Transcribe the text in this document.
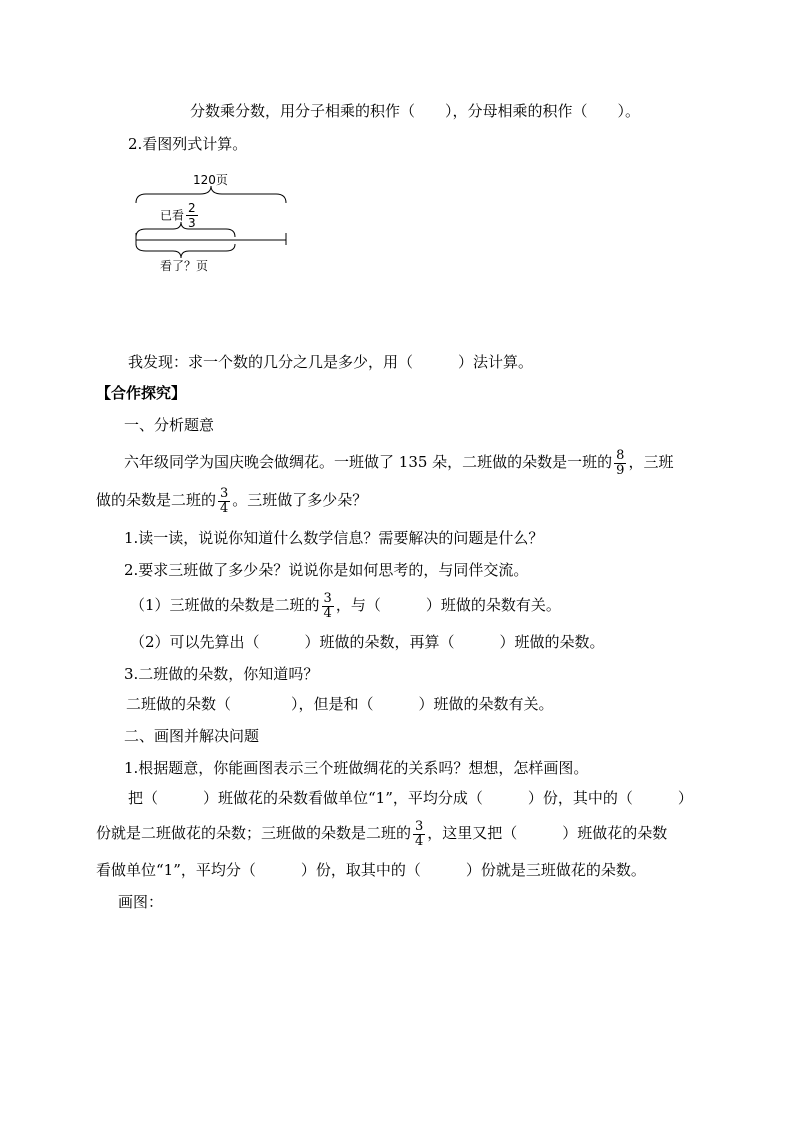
分数乘分数，用分子相乘的积作（　　），分母相乘的积作（　　）。
2.看图列式计算。
120页
已看 $\frac{2}{3}$
看了？页
我发现：求一个数的几分之几是多少，用（　　　）法计算。
【合作探究】
一、分析题意
六年级同学为国庆晚会做绸花。一班做了 135 朵，二班做的朵数是一班的 $\frac{8}{9}$ ，三班
做的朵数是二班的 $\frac{3}{4}$ 。三班做了多少朵？
1.读一读，说说你知道什么数学信息？需要解决的问题是什么？
2.要求三班做了多少朵？说说你是如何思考的，与同伴交流。
（1）三班做的朵数是二班的 $\frac{3}{4}$ ，与（　　　）班做的朵数有关。
（2）可以先算出（　　　）班做的朵数，再算（　　　）班做的朵数。
3.二班做的朵数，你知道吗？
二班做的朵数（　　　　），但是和（　　　）班做的朵数有关。
二、画图并解决问题
1.根据题意，你能画图表示三个班做绸花的关系吗？想想，怎样画图。
把（　　　）班做花的朵数看做单位“1”，平均分成（　　　）份，其中的（　　　）
份就是二班做花的朵数；三班做的朵数是二班的 $\frac{3}{4}$ ，这里又把（　　　）班做花的朵数
看做单位“1”，平均分（　　　）份，取其中的（　　　）份就是三班做花的朵数。
画图：
